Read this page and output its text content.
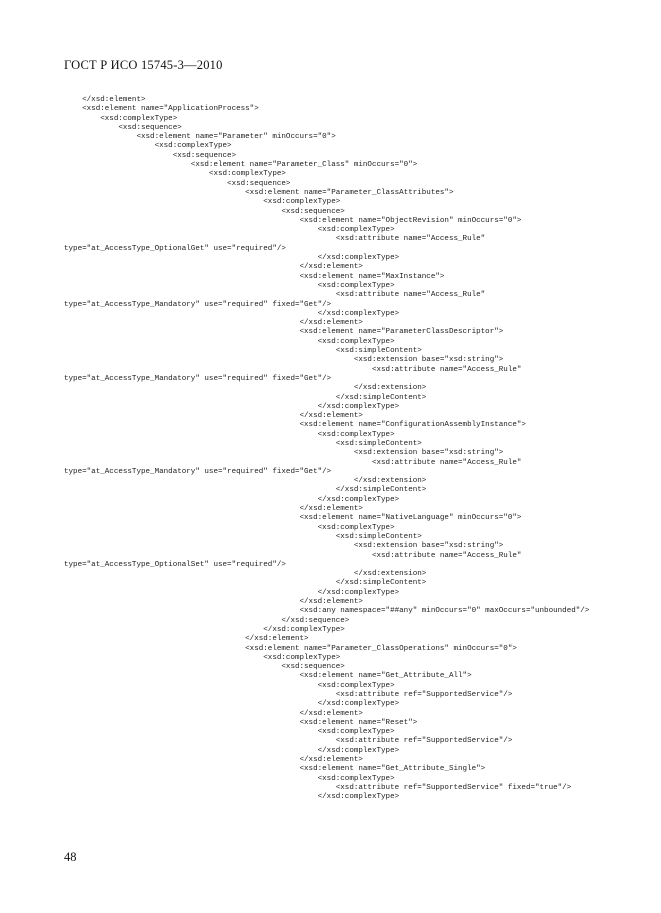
ГОСТ Р ИСО 15745-3—2010
</xsd:element>
<xsd:element name="ApplicationProcess">
<xsd:complexType>
<xsd:sequence>
<xsd:element name="Parameter" minOccurs="0">
<xsd:complexType>
<xsd:sequence>
<xsd:element name="Parameter_Class" minOccurs="0">
<xsd:complexType>
<xsd:sequence>
<xsd:element name="Parameter_ClassAttributes">
<xsd:complexType>
<xsd:sequence>
<xsd:element name="ObjectRevision" minOccurs="0">
<xsd:complexType>
<xsd:attribute name="Access_Rule"
type="at_AccessType_OptionalGet" use="required"/>
</xsd:complexType>
</xsd:element>
<xsd:element name="MaxInstance">
<xsd:complexType>
<xsd:attribute name="Access_Rule"
type="at_AccessType_Mandatory" use="required" fixed="Get"/>
</xsd:complexType>
</xsd:element>
<xsd:element name="ParameterClassDescriptor">
<xsd:complexType>
<xsd:simpleContent>
<xsd:extension base="xsd:string">
<xsd:attribute name="Access_Rule"
type="at_AccessType_Mandatory" use="required" fixed="Get"/>
</xsd:extension>
</xsd:simpleContent>
</xsd:complexType>
</xsd:element>
<xsd:element name="ConfigurationAssemblyInstance">
<xsd:complexType>
<xsd:simpleContent>
<xsd:extension base="xsd:string">
<xsd:attribute name="Access_Rule"
type="at_AccessType_Mandatory" use="required" fixed="Get"/>
</xsd:extension>
</xsd:simpleContent>
</xsd:complexType>
</xsd:element>
<xsd:element name="NativeLanguage" minOccurs="0">
<xsd:complexType>
<xsd:simpleContent>
<xsd:extension base="xsd:string">
<xsd:attribute name="Access_Rule"
type="at_AccessType_OptionalSet" use="required"/>
</xsd:extension>
</xsd:simpleContent>
</xsd:complexType>
</xsd:element>
<xsd:any namespace="##any" minOccurs="0" maxOccurs="unbounded"/>
</xsd:sequence>
</xsd:complexType>
</xsd:element>
<xsd:element name="Parameter_ClassOperations" minOccurs="0">
<xsd:complexType>
<xsd:sequence>
<xsd:element name="Get_Attribute_All">
<xsd:complexType>
<xsd:attribute ref="SupportedService"/>
</xsd:complexType>
</xsd:element>
<xsd:element name="Reset">
<xsd:complexType>
<xsd:attribute ref="SupportedService"/>
</xsd:complexType>
</xsd:element>
<xsd:element name="Get_Attribute_Single">
<xsd:complexType>
<xsd:attribute ref="SupportedService" fixed="true"/>
</xsd:complexType>
48
